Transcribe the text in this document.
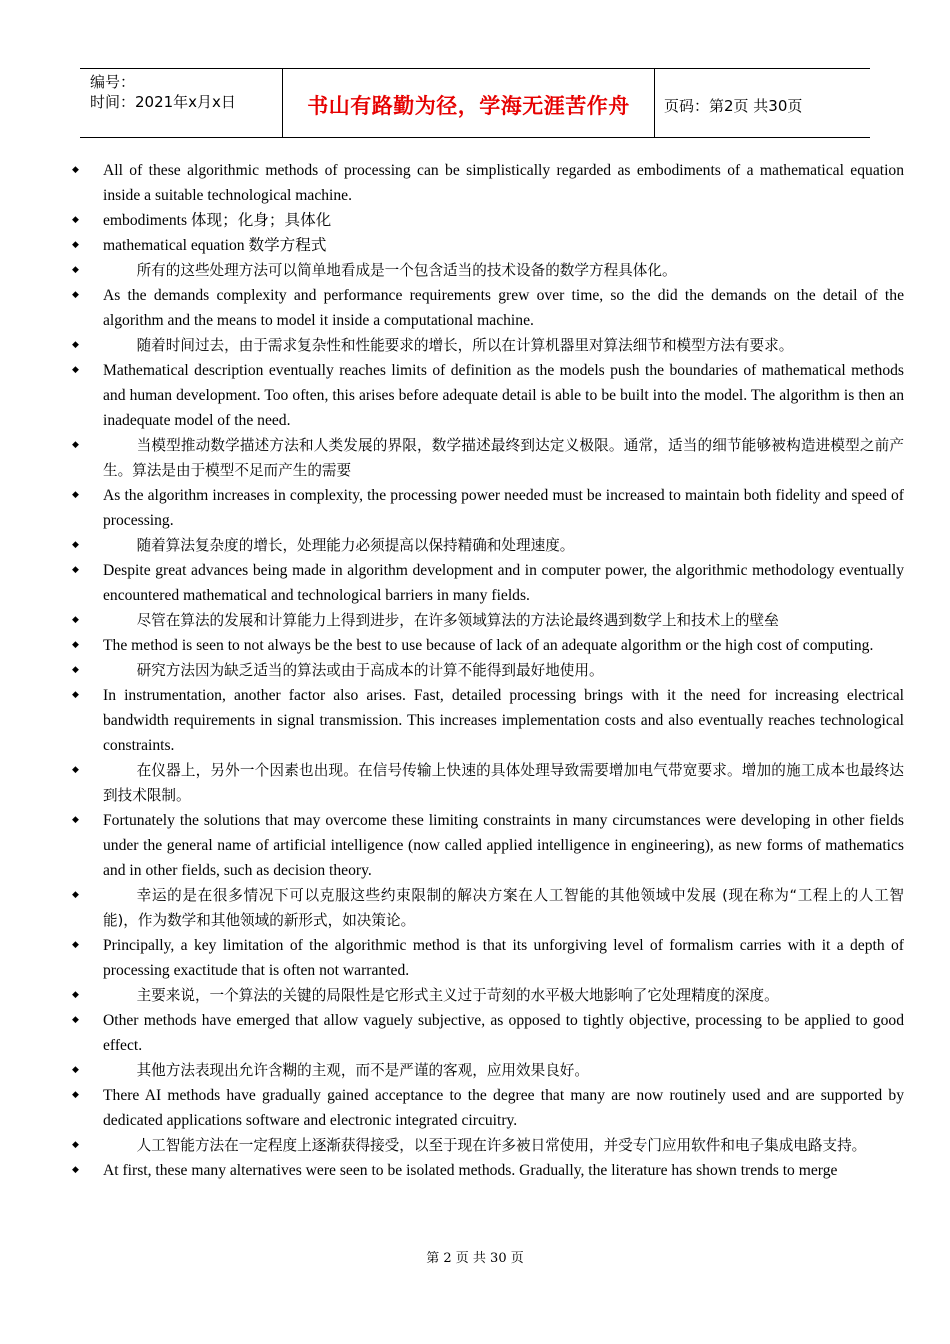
编号：
时间：2021年x月x日	书山有路勤为径，学海无涯苦作舟 页码：第2页 共30页
◆	All of these algorithmic methods of processing can be simplistically regarded as embodiments of a mathematical equation inside a suitable technological machine.
◆	embodiments 体现；化身；具体化
◆	mathematical equation 数学方程式
◆	所有的这些处理方法可以简单地看成是一个包含适当的技术设备的数学方程具体化。
◆	As the demands complexity and performance requirements grew over time, so the did the demands on the detail of the algorithm and the means to model it inside a computational machine.
◆	随着时间过去，由于需求复杂性和性能要求的增长，所以在计算机器里对算法细节和模型方法有要求。
◆	Mathematical description eventually reaches limits of definition as the models push the boundaries of mathematical methods and human development. Too often, this arises before adequate detail is able to be built into the model. The algorithm is then an inadequate model of the need.
◆	当模型推动数学描述方法和人类发展的界限，数学描述最终到达定义极限。通常，适当的细节能够被构造进模型之前产生。算法是由于模型不足而产生的需要
◆	As the algorithm increases in complexity, the processing power needed must be increased to maintain both fidelity and speed of processing.
◆	随着算法复杂度的增长，处理能力必须提高以保持精确和处理速度。
◆	Despite great advances being made in algorithm development and in computer power, the algorithmic methodology eventually encountered mathematical and technological barriers in many fields.
◆	尽管在算法的发展和计算能力上得到进步，在许多领域算法的方法论最终遇到数学上和技术上的壁垒
◆	The method is seen to not always be the best to use because of lack of an adequate algorithm or the high cost of computing.
◆	研究方法因为缺乏适当的算法或由于高成本的计算不能得到最好地使用。
◆	In instrumentation, another factor also arises. Fast, detailed processing brings with it the need for increasing electrical bandwidth requirements in signal transmission. This increases implementation costs and also eventually reaches technological constraints.
◆	在仪器上，另外一个因素也出现。在信号传输上快速的具体处理导致需要增加电气带宽要求。增加的施工成本也最终达到技术限制。
◆	Fortunately the solutions that may overcome these limiting constraints in many circumstances were developing in other fields under the general name of artificial intelligence (now called applied intelligence in engineering), as new forms of mathematics and in other fields, such as decision theory.
◆	幸运的是在很多情况下可以克服这些约束限制的解决方案在人工智能的其他领域中发展 (现在称为“工程上的人工智能)，作为数学和其他领域的新形式，如决策论。
◆	Principally, a key limitation of the algorithmic method is that its unforgiving level of formalism carries with it a depth of processing exactitude that is often not warranted.
◆	主要来说，一个算法的关键的局限性是它形式主义过于苛刻的水平极大地影响了它处理精度的深度。
◆	Other methods have emerged that allow vaguely subjective, as opposed to tightly objective, processing to be applied to good effect.
◆	其他方法表现出允许含糊的主观，而不是严谨的客观，应用效果良好。
◆	There AI methods have gradually gained acceptance to the degree that many are now routinely used and are supported by dedicated applications software and electronic integrated circuitry.
◆	人工智能方法在一定程度上逐渐获得接受，以至于现在许多被日常使用，并受专门应用软件和电子集成电路支持。
◆	At first, these many alternatives were seen to be isolated methods. Gradually, the literature has shown trends to merge
第 2 页 共 30 页
